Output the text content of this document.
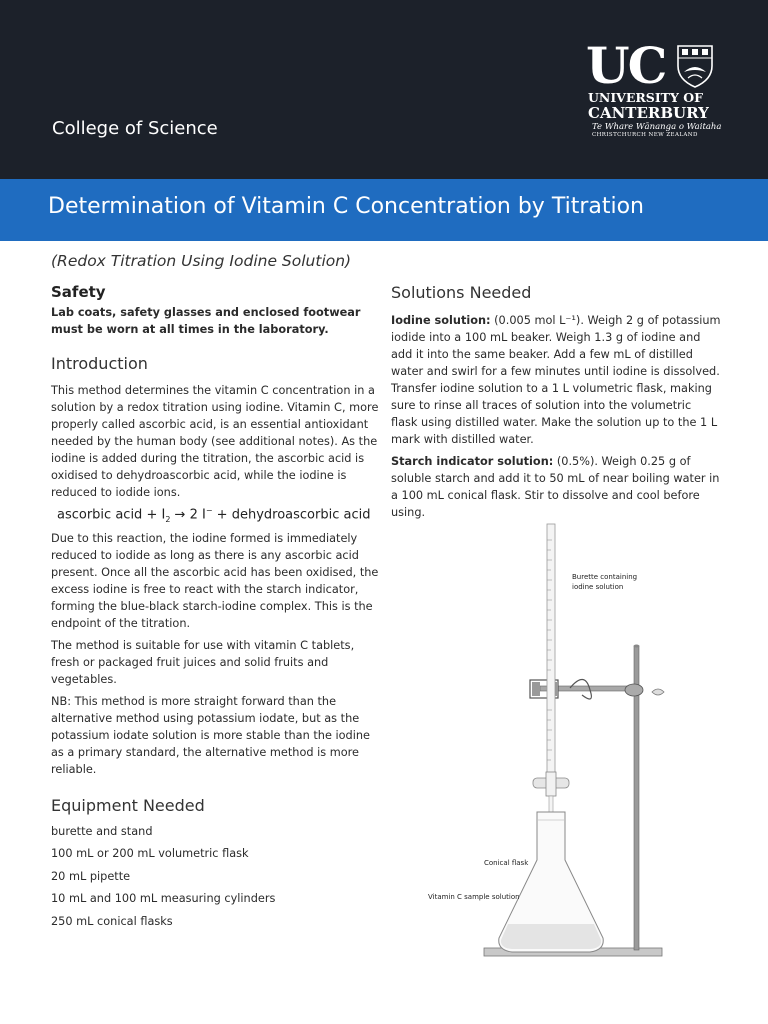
College of Science
UC
UNIVERSITY OF
CANTERBURY
Te Whare Wānanga o Waitaha
CHRISTCHURCH NEW ZEALAND
Determination of Vitamin C Concentration by Titration
(Redox Titration Using Iodine Solution)
Safety
Lab coats, safety glasses and enclosed footwear must be worn at all times in the laboratory.
Introduction

This method determines the vitamin C concentration in a solution by a redox titration using iodine. Vitamin C, more properly called ascorbic acid, is an essential antioxidant needed by the human body (see additional notes). As the iodine is added during the titration, the ascorbic acid is oxidised to dehydroascorbic acid, while the iodine is reduced to iodide ions.

ascorbic acid + $I_2 \to 2$ I− + dehydroascorbic acid

Due to this reaction, the iodine formed is immediately reduced to iodide as long as there is any ascorbic acid present. Once all the ascorbic acid has been oxidised, the excess iodine is free to react with the starch indicator, forming the blue-black starch-iodine complex. This is the endpoint of the titration.

The method is suitable for use with vitamin C tablets, fresh or packaged fruit juices and solid fruits and vegetables.

NB: This method is more straight forward than the alternative method using potassium iodate, but as the potassium iodate solution is more stable than the iodine as a primary standard, the alternative method is more reliable.

Equipment Needed
burette and stand
100 mL or 200 mL volumetric flask
20 mL pipette
10 mL and 100 mL measuring cylinders
250 mL conical flasks
Solutions Needed

Iodine solution: (0.005 mol L⁻¹). Weigh 2 g of potassium iodide into a 100 mL beaker. Weigh 1.3 g of iodine and add it into the same beaker. Add a few mL of distilled water and swirl for a few minutes until iodine is dissolved. Transfer iodine solution to a 1 L volumetric flask, making sure to rinse all traces of solution into the volumetric flask using distilled water. Make the solution up to the 1 L mark with distilled water.

Starch indicator solution: (0.5%). Weigh 0.25 g of soluble starch and add it to 50 mL of near boiling water in a 100 mL conical flask. Stir to dissolve and cool before using.

Burette containing
iodine solution
Conical flask
Vitamin C sample solution
